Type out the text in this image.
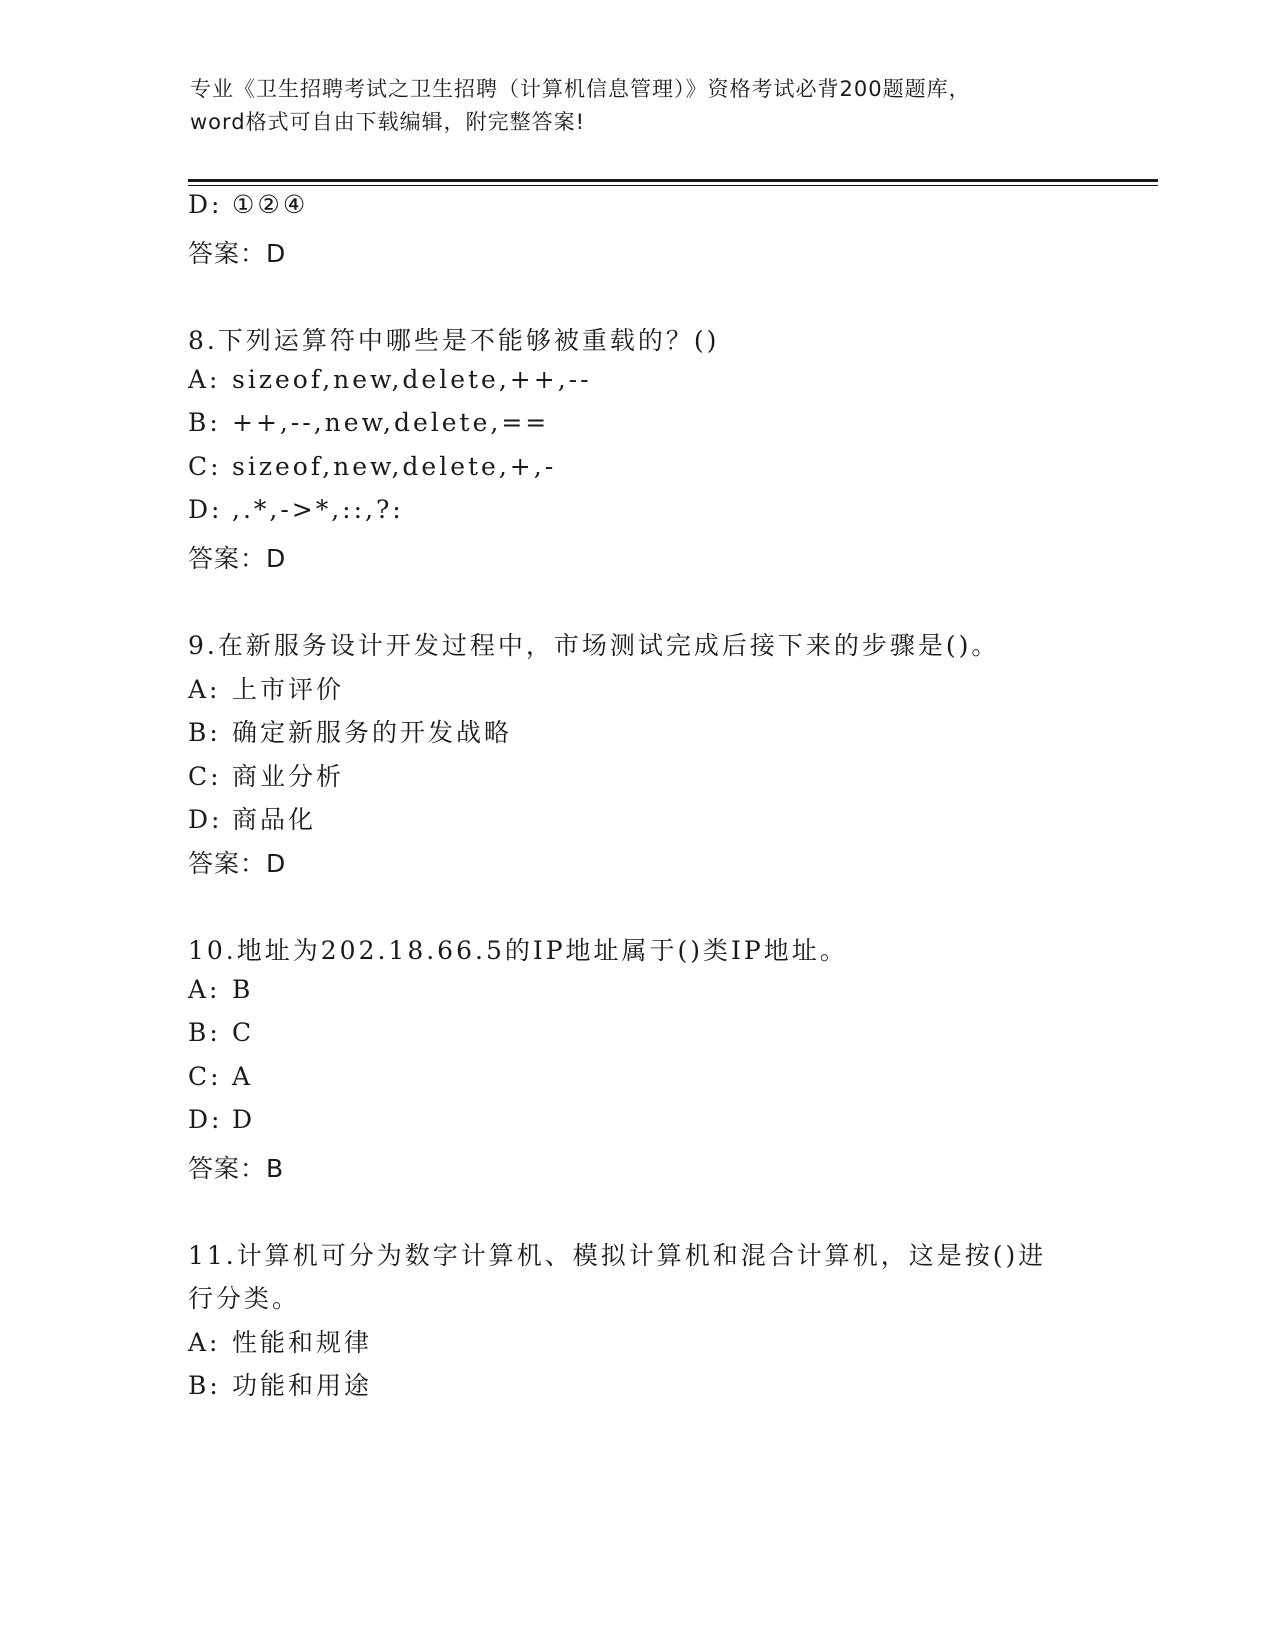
专业《卫生招聘考试之卫生招聘（计算机信息管理）》资格考试必背200题题库，
word格式可自由下载编辑，附完整答案!
D: ①②④
答案：D
8.下列运算符中哪些是不能够被重载的？()
A: sizeof,new,delete,++,--
B: ++,--,new,delete,==
C: sizeof,new,delete,+,-
D: ,.*,->*,::,?:
答案：D
9.在新服务设计开发过程中，市场测试完成后接下来的步骤是()。
A: 上市评价
B: 确定新服务的开发战略
C: 商业分析
D: 商品化
答案：D
10.地址为202.18.66.5的IP地址属于()类IP地址。
A: B
B: C
C: A
D: D
答案：B
11.计算机可分为数字计算机、模拟计算机和混合计算机，这是按()进
行分类。
A: 性能和规律
B: 功能和用途
